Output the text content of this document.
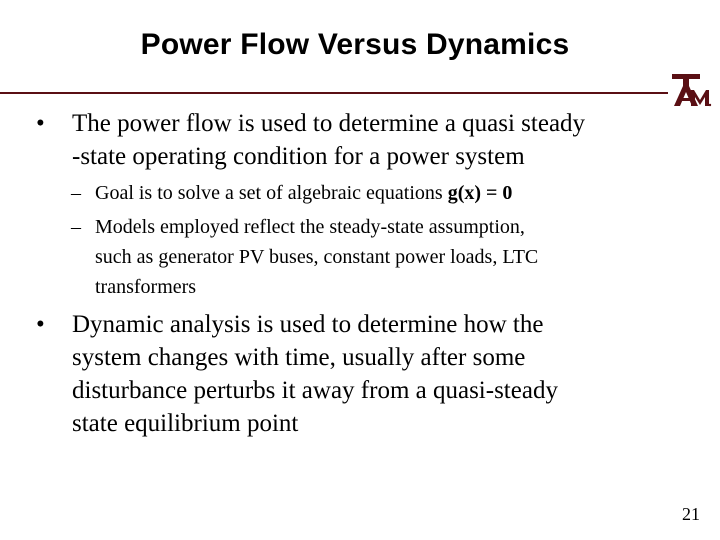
Power Flow Versus Dynamics
• The power flow is used to determine a quasi steady
-state operating condition for a power system
– Goal is to solve a set of algebraic equations g(x) = 0
– Models employed reflect the steady-state assumption,
such as generator PV buses, constant power loads, LTC
transformers
• Dynamic analysis is used to determine how the
system changes with time, usually after some
disturbance perturbs it away from a quasi-steady
state equilibrium point
21
